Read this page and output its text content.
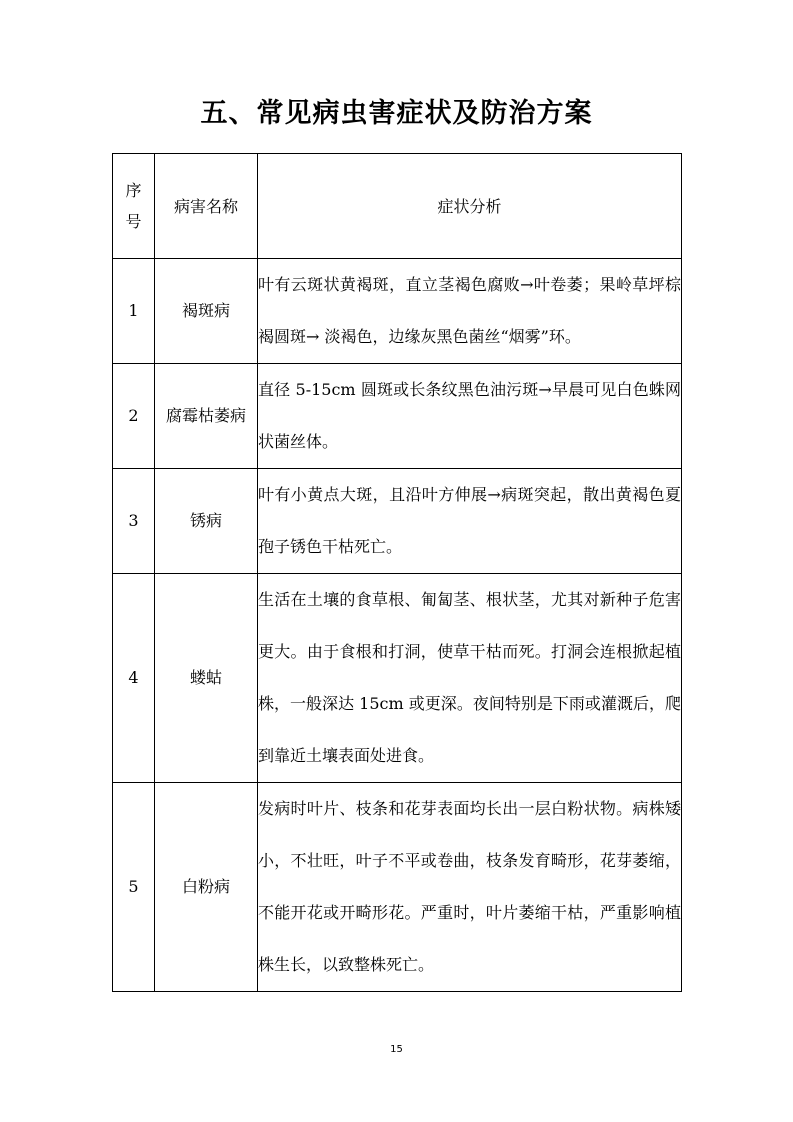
五、常见病虫害症状及防治方案
序
号	病害名称	症状分析
1	褐斑病	叶有云斑状黄褐斑，直立茎褐色腐败→叶卷萎；果岭草坪棕褐圆斑→ 淡褐色，边缘灰黑色菌丝“烟雾”环。
2	腐霉枯萎病	直径 5-15cm 圆斑或长条纹黑色油污斑→早晨可见白色蛛网状菌丝体。
3	锈病	叶有小黄点大斑，且沿叶方伸展→病斑突起，散出黄褐色夏孢子锈色干枯死亡。
4	蝼蛄	生活在土壤的食草根、匍匐茎、根状茎，尤其对新种子危害更大。由于食根和打洞，使草干枯而死。打洞会连根掀起植株，一般深达 15cm 或更深。夜间特别是下雨或灌溉后，爬到靠近土壤表面处进食。
5	白粉病	发病时叶片、枝条和花芽表面均长出一层白粉状物。病株矮小，不壮旺，叶子不平或卷曲，枝条发育畸形，花芽萎缩，不能开花或开畸形花。严重时，叶片萎缩干枯，严重影响植株生长，以致整株死亡。
15
